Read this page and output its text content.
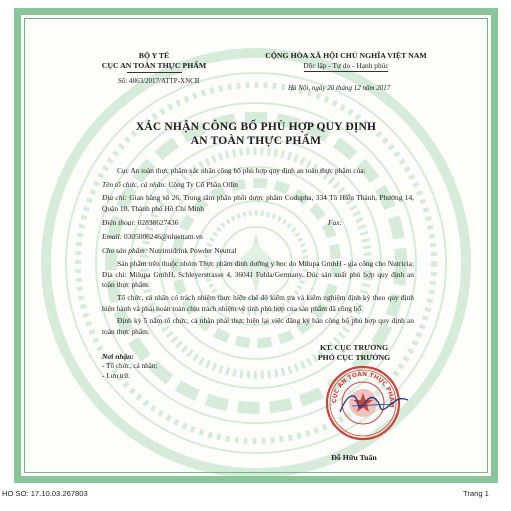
BỘ Y TẾ
CỤC AN TOÀN THỰC PHẨM
Số: 4863/2017/ATTP-XNCB
CỘNG HÒA XÃ HỘI CHỦ NGHĨA VIỆT NAM
Độc lập - Tự do - Hạnh phúc
Hà Nội, ngày 20 tháng 12 năm 2017
XÁC NHẬN CÔNG BỐ PHÙ HỢP QUY ĐỊNH
AN TOÀN THỰC PHẨM
Cục An toàn thực phẩm xác nhận công bố phù hợp quy định an toàn thực phẩm của:
Tên tổ chức, cá nhân: Công Ty Cổ Phần Ollin
Địa chỉ: Gian hàng số 26, Trung tâm phân phối dược phẩm Codupha, 334 Tô Hiến Thành, Phường 14, Quận 10, Thành phố Hồ Chí Minh
Điện thoại: 02838627436	Fax:
Email: 0305006246@nhiettam.vn
Cho sản phẩm: Nutrimidrink Powder Neutral
Sản phẩm trên thuộc nhóm Thực phẩm dinh dưỡng y học do Milupa GmbH - gia công cho Nutricia; Địa chỉ: Milupa GmbH, Schleyerstrasse 4, 36041 Fulda/Germany. Đúc sản xuất phù hợp quy định an toàn thực phẩm.
Tổ chức, cá nhân có trách nhiệm thực hiện chế độ kiểm tra và kiểm nghiệm định kỳ theo quy định hiện hành và phải hoàn toàn chịu trách nhiệm về tính phù hợp của sản phẩm đã công bố.
Định kỳ 5 năm tổ chức, cá nhân phải thực hiện lại việc đăng ký bản công bố phù hợp quy định an toàn thực phẩm.
Nơi nhận:
- Tổ chức, cá nhân;
- Lưu trữ.
KT. CỤC TRƯỞNG
PHÓ CỤC TRƯỞNG
CỤC AN TOÀN THỰC PHẨM
Đỗ Hữu Tuấn
HO SO: 17.10.03.267803	Trang 1
